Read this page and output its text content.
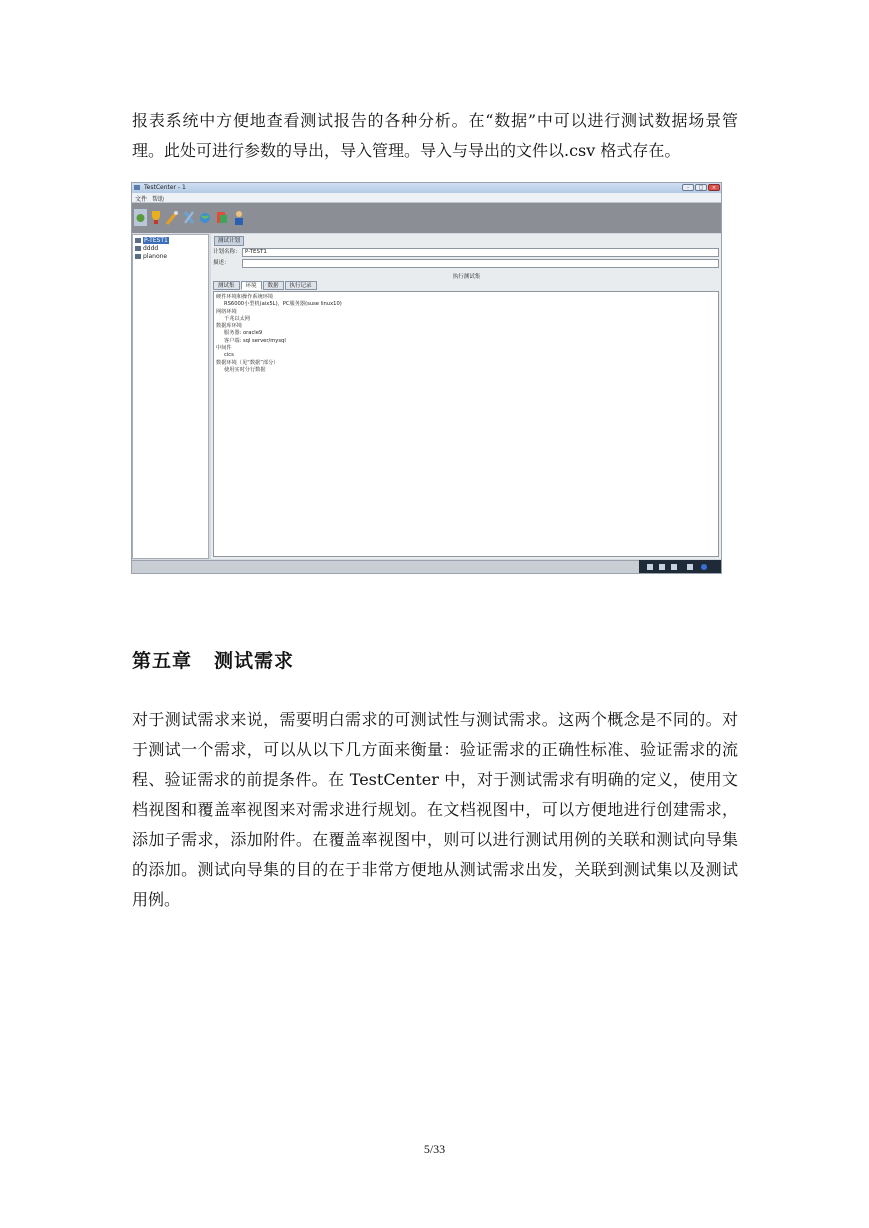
报表系统中方便地查看测试报告的各种分析。在“数据”中可以进行测试数据场景管理。此处可进行参数的导出，导入管理。导入与导出的文件以.csv 格式存在。

TestCenter - 1	-	□	×
文件 帮助
P-TEST1
dddd
planone
测试计划
计划名称： P-TEST1
描述：
执行测试集
测试集 环境 数据 执行记录
硬件环境和操作系统环境
RS6000小型机(aix5L)，PC服务器(suse linux10)
网络环境
千兆以太网
数据库环境
服务器: oracle9
客户端: sql server/mysql
中间件
cics
数据环境（见“数据”部分）
使用实时分行数据
第五章 测试需求

对于测试需求来说，需要明白需求的可测试性与测试需求。这两个概念是不同的。对于测试一个需求，可以从以下几方面来衡量：验证需求的正确性标准、验证需求的流程、验证需求的前提条件。在 TestCenter 中，对于测试需求有明确的定义，使用文档视图和覆盖率视图来对需求进行规划。在文档视图中，可以方便地进行创建需求，添加子需求，添加附件。在覆盖率视图中，则可以进行测试用例的关联和测试向导集的添加。测试向导集的目的在于非常方便地从测试需求出发，关联到测试集以及测试用例。

5/33
